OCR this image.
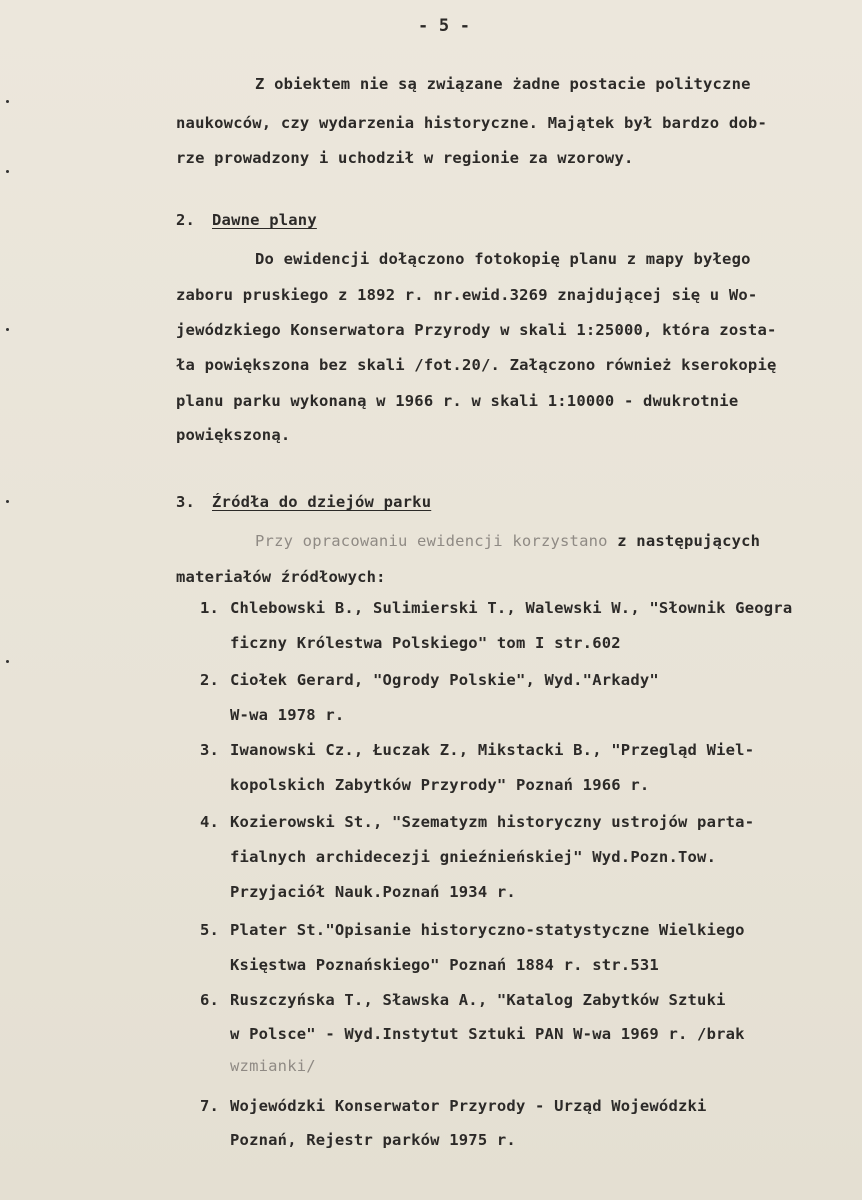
- 5 -
Z obiektem nie są związane żadne postacie polityczne
naukowców, czy wydarzenia historyczne. Majątek był bardzo dob-
rze prowadzony i uchodził w regionie za wzorowy.
2. Dawne plany
Do ewidencji dołączono fotokopię planu z mapy byłego
zaboru pruskiego z 1892 r. nr.ewid.3269 znajdującej się u Wo-
jewódzkiego Konserwatora Przyrody w skali 1:25000, która zosta-
ła powiększona bez skali /fot.20/. Załączono również kserokopię
planu parku wykonaną w 1966 r. w skali 1:10000 - dwukrotnie
powiększoną.
3. Źródła do dziejów parku
Przy opracowaniu ewidencji korzystano z następujących
materiałów źródłowych:
1. Chlebowski B., Sulimierski T., Walewski W., "Słownik Geogra
ficzny Królestwa Polskiego" tom I str.602
2. Ciołek Gerard, "Ogrody Polskie", Wyd."Arkady"
W-wa 1978 r.
3. Iwanowski Cz., Łuczak Z., Mikstacki B., "Przegląd Wiel-
kopolskich Zabytków Przyrody" Poznań 1966 r.
4. Kozierowski St., "Szematyzm historyczny ustrojów parta-
fialnych archidecezji gnieźnieńskiej" Wyd.Pozn.Tow.
Przyjaciół Nauk.Poznań 1934 r.
5. Plater St."Opisanie historyczno-statystyczne Wielkiego
Księstwa Poznańskiego" Poznań 1884 r. str.531
6. Ruszczyńska T., Sławska A., "Katalog Zabytków Sztuki
w Polsce" - Wyd.Instytut Sztuki PAN W-wa 1969 r. /brak
wzmianki/
7. Wojewódzki Konserwator Przyrody - Urząd Wojewódzki
Poznań, Rejestr parków 1975 r.
